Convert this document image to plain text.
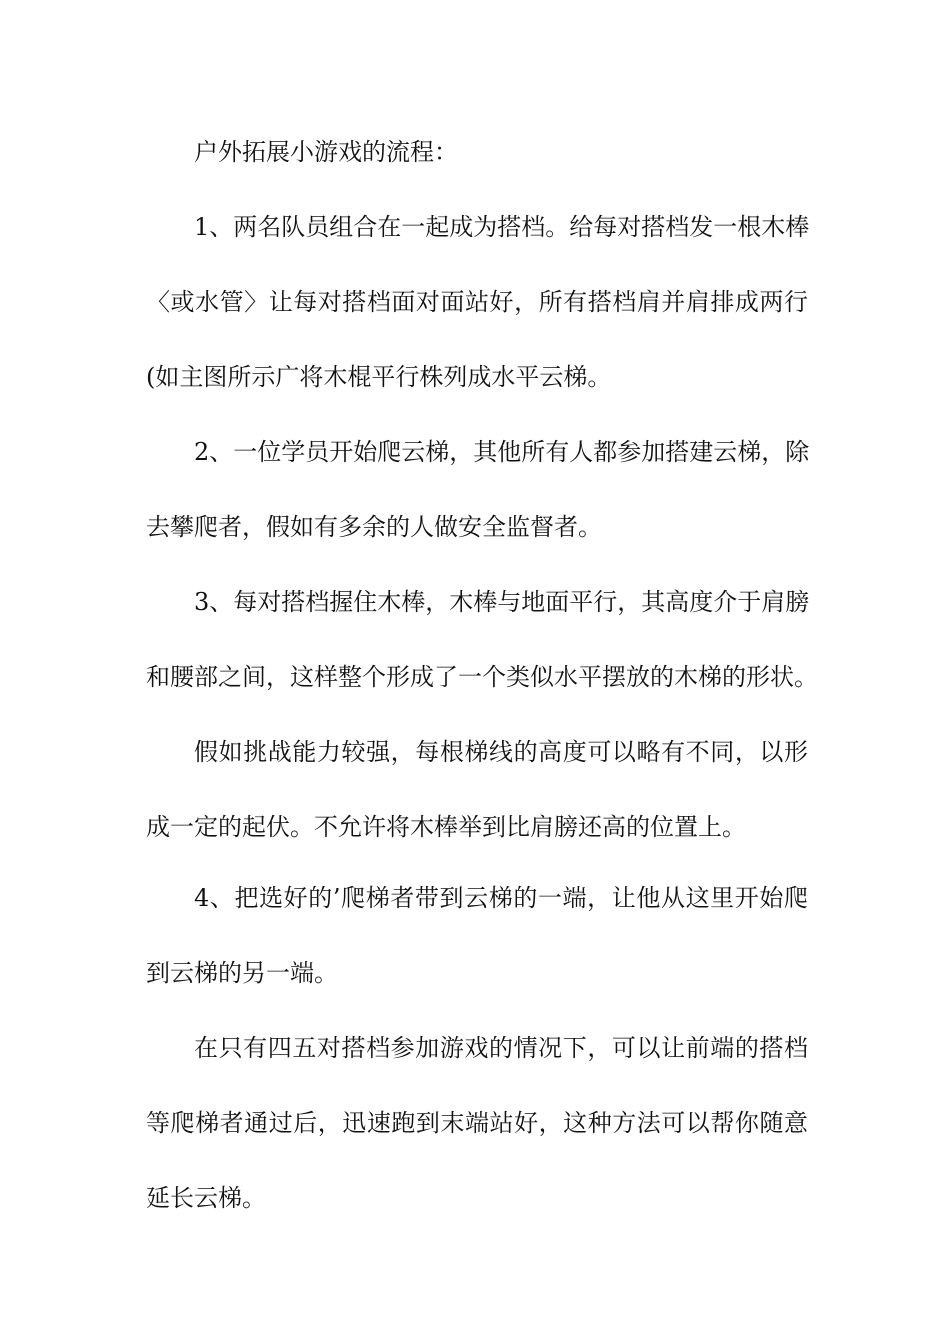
户外拓展小游戏的流程：
1、两名队员组合在一起成为搭档。给每对搭档发一根木棒
〈或水管〉让每对搭档面对面站好，所有搭档肩并肩排成两行
(如主图所示广将木棍平行株列成水平云梯。
2、一位学员开始爬云梯，其他所有人都参加搭建云梯，除
去攀爬者，假如有多余的人做安全监督者。
3、每对搭档握住木棒，木棒与地面平行，其高度介于肩膀
和腰部之间，这样整个形成了一个类似水平摆放的木梯的形状。
假如挑战能力较强，每根梯线的高度可以略有不同，以形
成一定的起伏。不允许将木棒举到比肩膀还高的位置上。
4、把选好的’爬梯者带到云梯的一端，让他从这里开始爬
到云梯的另一端。
在只有四五对搭档参加游戏的情况下，可以让前端的搭档
等爬梯者通过后，迅速跑到末端站好，这种方法可以帮你随意
延长云梯。
